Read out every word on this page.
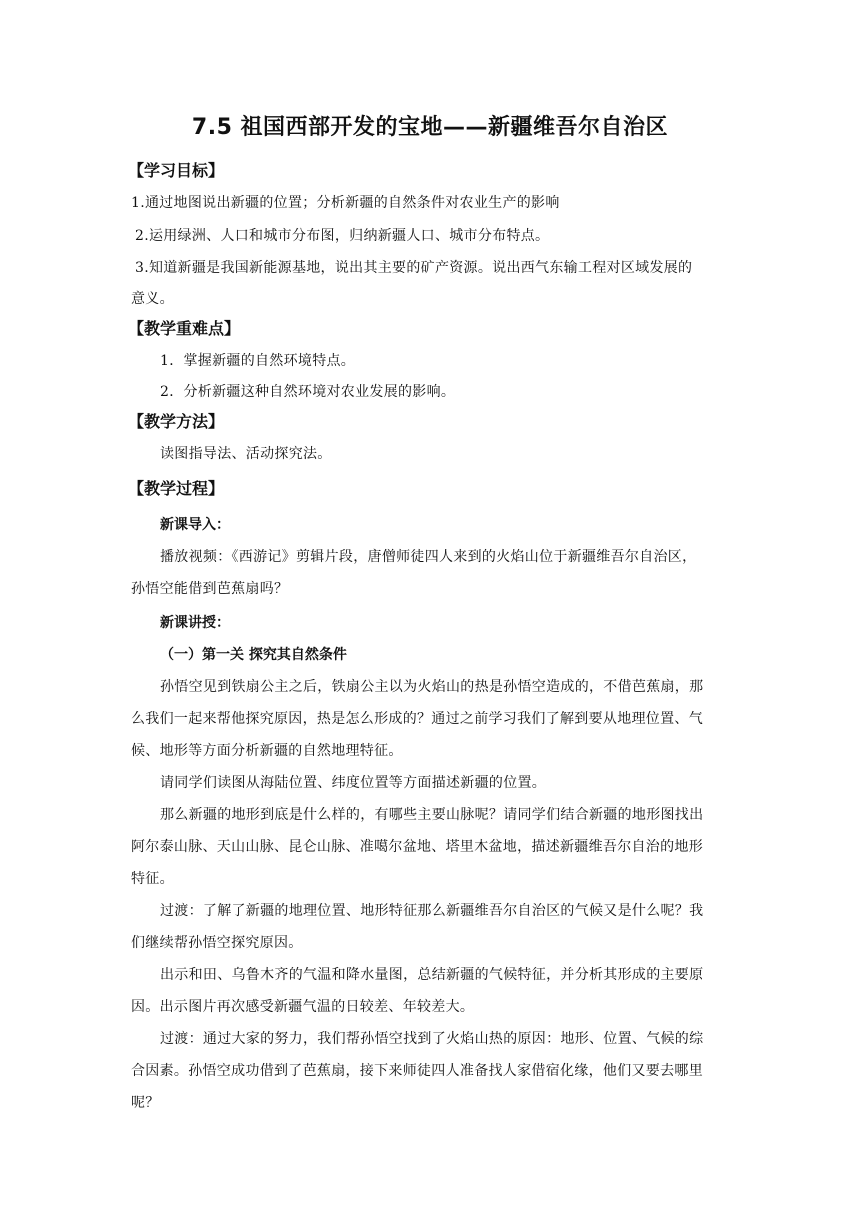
7.5 祖国西部开发的宝地——新疆维吾尔自治区
【学习目标】
1.通过地图说出新疆的位置；分析新疆的自然条件对农业生产的影响
2.运用绿洲、人口和城市分布图，归纳新疆人口、城市分布特点。
3.知道新疆是我国新能源基地，说出其主要的矿产资源。说出西气东输工程对区域发展的
意义。
【教学重难点】
1．掌握新疆的自然环境特点。
2．分析新疆这种自然环境对农业发展的影响。
【教学方法】
读图指导法、活动探究法。
【教学过程】
新课导入：
播放视频：《西游记》剪辑片段，唐僧师徒四人来到的火焰山位于新疆维吾尔自治区，
孙悟空能借到芭蕉扇吗？
新课讲授：
（一）第一关 探究其自然条件
孙悟空见到铁扇公主之后，铁扇公主以为火焰山的热是孙悟空造成的，不借芭蕉扇，那
么我们一起来帮他探究原因，热是怎么形成的？通过之前学习我们了解到要从地理位置、气
候、地形等方面分析新疆的自然地理特征。
请同学们读图从海陆位置、纬度位置等方面描述新疆的位置。
那么新疆的地形到底是什么样的，有哪些主要山脉呢？请同学们结合新疆的地形图找出
阿尔泰山脉、天山山脉、昆仑山脉、准噶尔盆地、塔里木盆地，描述新疆维吾尔自治的地形
特征。
过渡：了解了新疆的地理位置、地形特征那么新疆维吾尔自治区的气候又是什么呢？我
们继续帮孙悟空探究原因。
出示和田、乌鲁木齐的气温和降水量图，总结新疆的气候特征，并分析其形成的主要原
因。出示图片再次感受新疆气温的日较差、年较差大。
过渡：通过大家的努力，我们帮孙悟空找到了火焰山热的原因：地形、位置、气候的综
合因素。孙悟空成功借到了芭蕉扇，接下来师徒四人准备找人家借宿化缘，他们又要去哪里
呢？
